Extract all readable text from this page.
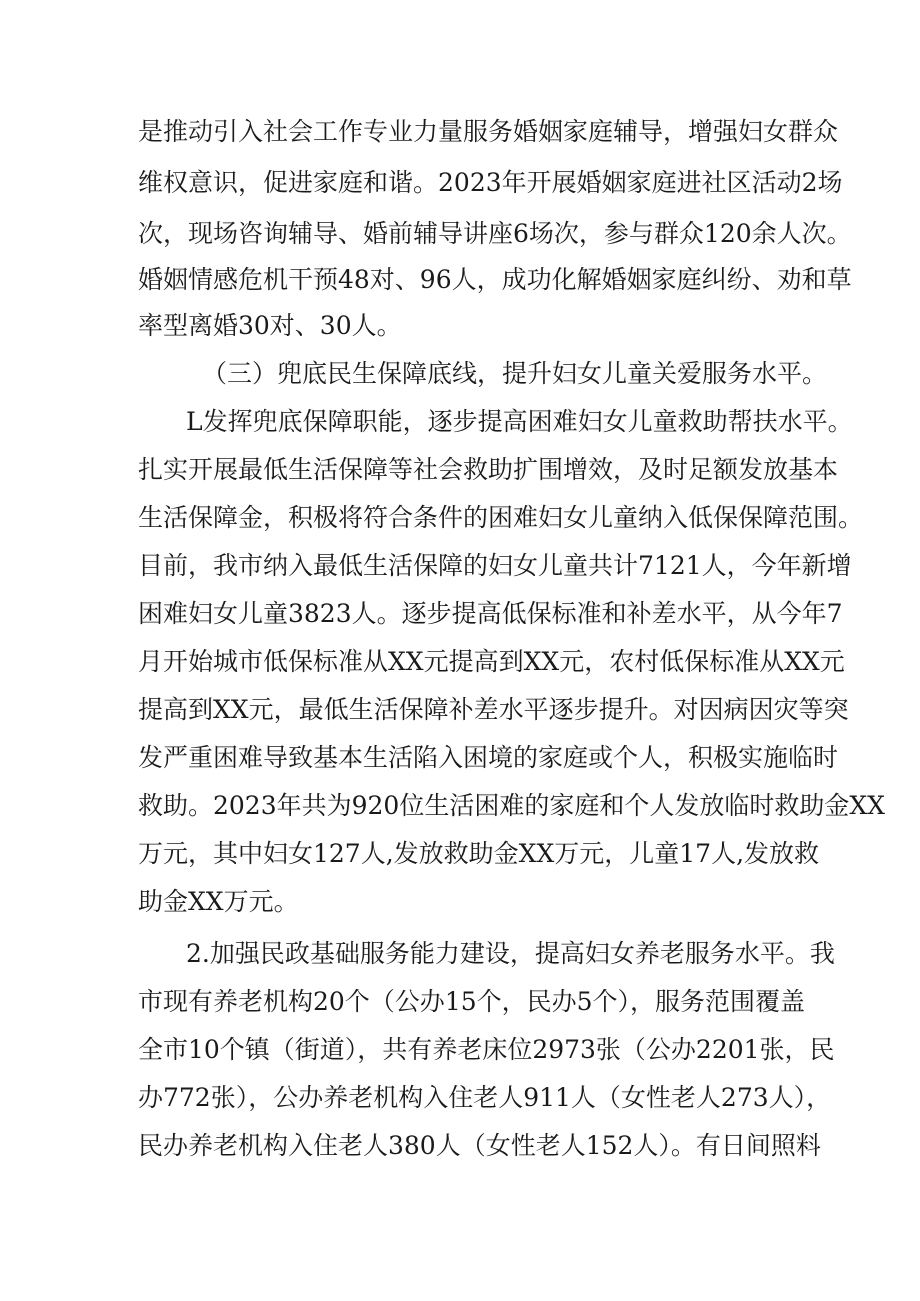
是推动引入社会工作专业力量服务婚姻家庭辅导，增强妇女群众
维权意识，促进家庭和谐。2023年开展婚姻家庭进社区活动2场
次，现场咨询辅导、婚前辅导讲座6场次，参与群众120余人次。
婚姻情感危机干预48对、96人，成功化解婚姻家庭纠纷、劝和草
率型离婚30对、30人。
（三）兜底民生保障底线，提升妇女儿童关爱服务水平。
L发挥兜底保障职能，逐步提高困难妇女儿童救助帮扶水平。
扎实开展最低生活保障等社会救助扩围增效，及时足额发放基本
生活保障金，积极将符合条件的困难妇女儿童纳入低保保障范围。
目前，我市纳入最低生活保障的妇女儿童共计7121人，今年新增
困难妇女儿童3823人。逐步提高低保标准和补差水平，从今年7
月开始城市低保标准从XX元提高到XX元，农村低保标准从XX元
提高到XX元，最低生活保障补差水平逐步提升。对因病因灾等突
发严重困难导致基本生活陷入困境的家庭或个人，积极实施临时
救助。2023年共为920位生活困难的家庭和个人发放临时救助金XX
万元，其中妇女127人,发放救助金XX万元，儿童17人,发放救
助金XX万元。
2.加强民政基础服务能力建设，提高妇女养老服务水平。我
市现有养老机构20个（公办15个，民办5个），服务范围覆盖
全市10个镇（街道），共有养老床位2973张（公办2201张，民
办772张），公办养老机构入住老人911人（女性老人273人），
民办养老机构入住老人380人（女性老人152人）。有日间照料
